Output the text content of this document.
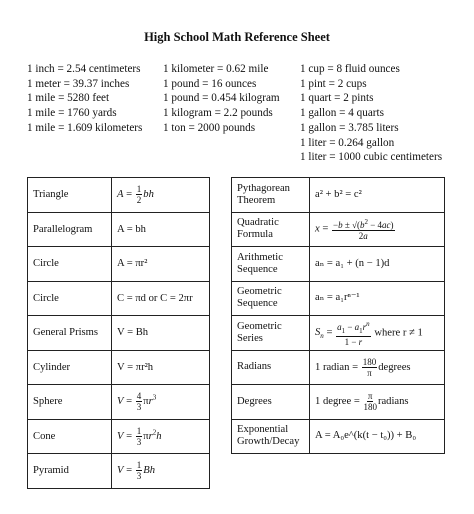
High School Math Reference Sheet
1 inch = 2.54 centimeters
1 meter = 39.37 inches
1 mile = 5280 feet
1 mile = 1760 yards
1 mile = 1.609 kilometers
1 kilometer = 0.62 mile
1 pound = 16 ounces
1 pound = 0.454 kilogram
1 kilogram = 2.2 pounds
1 ton = 2000 pounds
1 cup = 8 fluid ounces
1 pint = 2 cups
1 quart = 2 pints
1 gallon = 4 quarts
1 gallon = 3.785 liters
1 liter = 0.264 gallon
1 liter = 1000 cubic centimeters
Triangle	$A = \frac{1}{2}$ bh
Parallelogram	A = bh
Circle	A = πr²
Circle	C = πd or C = 2πr
General Prisms	V = Bh
Cylinder	V = πr²h
Sphere	$V = \frac{4}{3} \pi r^3$
Cone	$V = \frac{1}{3} \pi r^2h$
Pyramid	$V = \frac{1}{3}$ Bh
Pythagorean Theorem	a² + b² = c²
Quadratic Formula	$x = \frac{-b \pm √(b^2 - 4ac)}{2a}$

Arithmetic Sequence	aₙ = a₁ + (n − 1)d
Geometric Sequence	aₙ = a₁rⁿ⁻¹
Geometric Series	$S_n = \frac{a_1 - a_1r^n}{1 - r}$ where r ≠ 1
Radians	1 radian = $\frac{180}{\pi}$ degrees
Degrees	1 degree = $\frac{\pi}{180}$ radians
Exponential Growth/Decay	A = A₀e^(k(t − t₀)) + B₀
